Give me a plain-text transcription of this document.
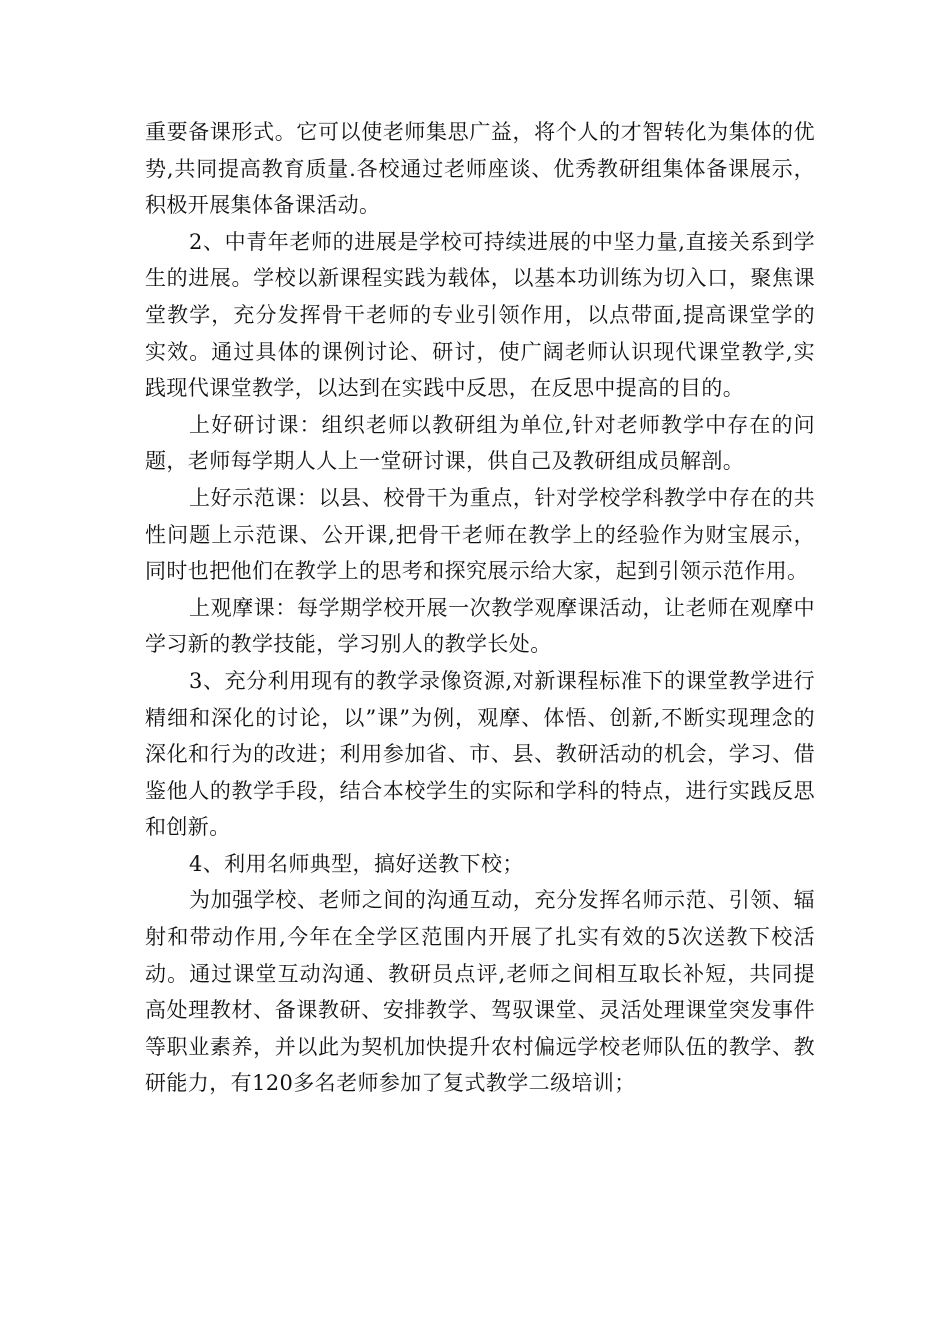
重要备课形式。它可以使老师集思广益，将个人的才智转化为集体的优势,共同提高教育质量.各校通过老师座谈、优秀教研组集体备课展示，积极开展集体备课活动。

2、中青年老师的进展是学校可持续进展的中坚力量,直接关系到学生的进展。学校以新课程实践为载体，以基本功训练为切入口，聚焦课堂教学，充分发挥骨干老师的专业引领作用，以点带面,提高课堂学的实效。通过具体的课例讨论、研讨，使广阔老师认识现代课堂教学,实践现代课堂教学，以达到在实践中反思，在反思中提高的目的。

上好研讨课：组织老师以教研组为单位,针对老师教学中存在的问题，老师每学期人人上一堂研讨课，供自己及教研组成员解剖。

上好示范课：以县、校骨干为重点，针对学校学科教学中存在的共性问题上示范课、公开课,把骨干老师在教学上的经验作为财宝展示，同时也把他们在教学上的思考和探究展示给大家，起到引领示范作用。

上观摩课：每学期学校开展一次教学观摩课活动，让老师在观摩中学习新的教学技能，学习别人的教学长处。

3、充分利用现有的教学录像资源,对新课程标准下的课堂教学进行精细和深化的讨论，以”课”为例，观摩、体悟、创新,不断实现理念的深化和行为的改进；利用参加省、市、县、教研活动的机会，学习、借鉴他人的教学手段，结合本校学生的实际和学科的特点，进行实践反思和创新。

4、利用名师典型，搞好送教下校；

为加强学校、老师之间的沟通互动，充分发挥名师示范、引领、辐射和带动作用,今年在全学区范围内开展了扎实有效的5次送教下校活动。通过课堂互动沟通、教研员点评,老师之间相互取长补短，共同提高处理教材、备课教研、安排教学、驾驭课堂、灵活处理课堂突发事件等职业素养，并以此为契机加快提升农村偏远学校老师队伍的教学、教研能力，有120多名老师参加了复式教学二级培训；
